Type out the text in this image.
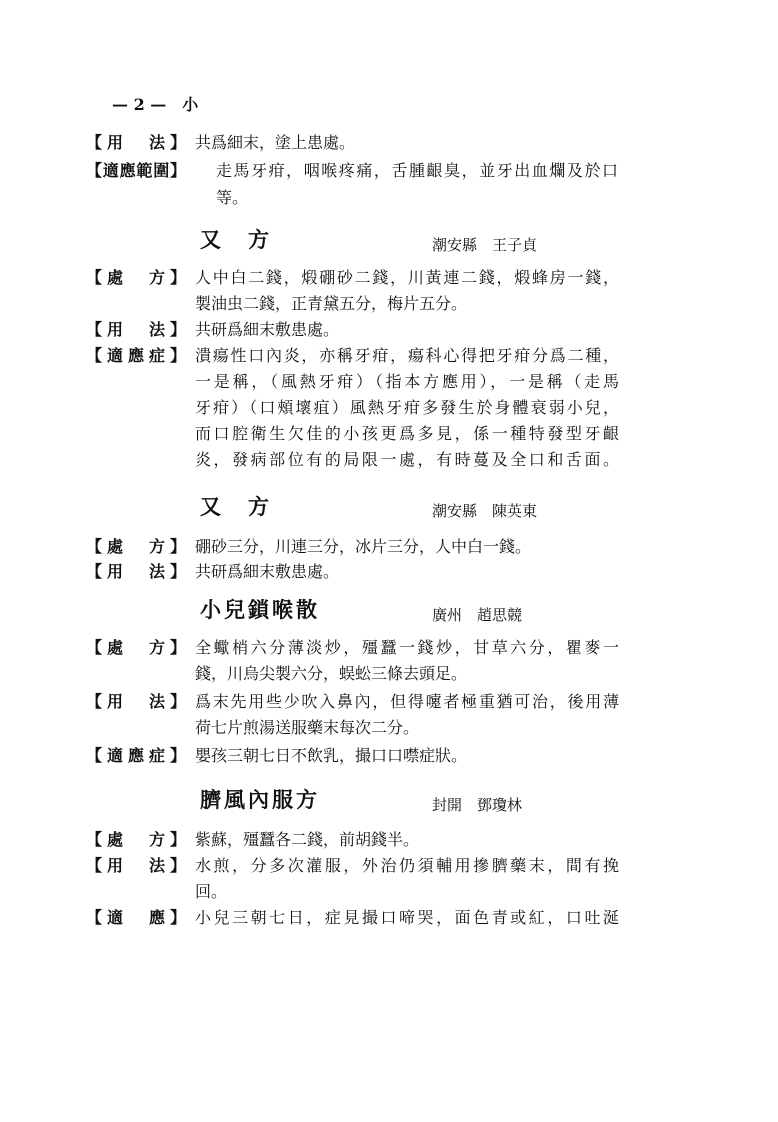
— 2 —　 小
【用　法】 共爲細末，塗上患處。
【適應範圍】 走馬牙疳，咽喉疼痛，舌腫齦臭，並牙出血爛及於口
等。
又　方	潮安縣　王子貞
【處　方】 人中白二錢，煅硼砂二錢，川黃連二錢，煅蜂房一錢，
製油虫二錢，正青黛五分，梅片五分。
【用　法】 共研爲細末敷患處。
【適應症】 潰瘍性口內炎，亦稱牙疳，瘍科心得把牙疳分爲二種，
一是稱，（風熱牙疳）（指本方應用），一是稱（走馬
牙疳）（口頰壞疽）風熱牙疳多發生於身體衰弱小兒，
而口腔衛生欠佳的小孩更爲多見，係一種特發型牙齦
炎，發病部位有的局限一處，有時蔓及全口和舌面。
又　方	潮安縣　陳英東
【處　方】 硼砂三分，川連三分，冰片三分，人中白一錢。
【用　法】 共研爲細末敷患處。
小兒鎖喉散	廣州　趙思競
【處　方】 全蠍梢六分薄淡炒，殭蠶一錢炒，甘草六分，瞿麥一
錢，川烏尖製六分，蜈蚣三條去頭足。
【用　法】 爲末先用些少吹入鼻內，但得嚔者極重猶可治，後用薄
荷七片煎湯送服藥末每次二分。
【適應症】 嬰孩三朝七日不飲乳，撮口口噤症狀。
臍風內服方	封開　鄧瓊林
【處　方】 紫蘇，殭蠶各二錢，前胡錢半。
【用　法】 水煎，分多次灌服，外治仍須輔用摻臍藥末，間有挽
回。
【適　應】 小兒三朝七日，症見撮口啼哭，面色青或紅，口吐涎
